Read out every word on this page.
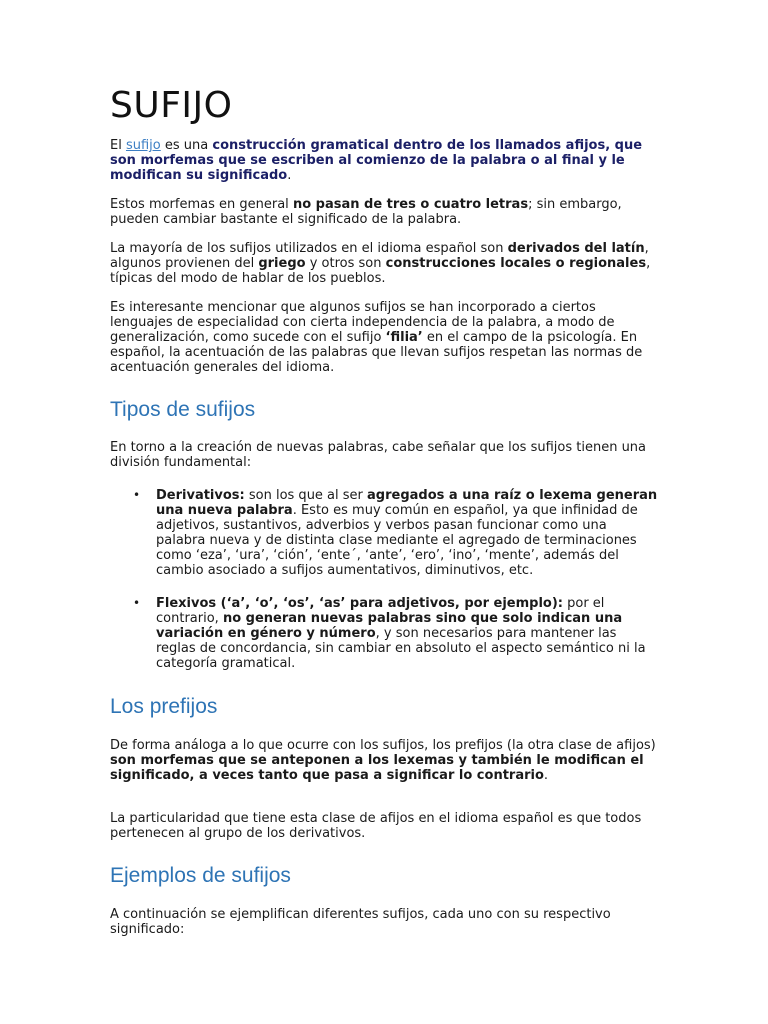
SUFIJO

El sufijo es una construcción gramatical dentro de los llamados afijos, que son morfemas que se escriben al comienzo de la palabra o al final y le modifican su significado.

Estos morfemas en general no pasan de tres o cuatro letras; sin embargo, pueden cambiar bastante el significado de la palabra.

La mayoría de los sufijos utilizados en el idioma español son derivados del latín, algunos provienen del griego y otros son construcciones locales o regionales, típicas del modo de hablar de los pueblos.

Es interesante mencionar que algunos sufijos se han incorporado a ciertos lenguajes de especialidad con cierta independencia de la palabra, a modo de generalización, como sucede con el sufijo ‘filia’ en el campo de la psicología. En español, la acentuación de las palabras que llevan sufijos respetan las normas de acentuación generales del idioma.

Tipos de sufijos

En torno a la creación de nuevas palabras, cabe señalar que los sufijos tienen una división fundamental:

• Derivativos: son los que al ser agregados a una raíz o lexema generan una nueva palabra. Esto es muy común en español, ya que infinidad de adjetivos, sustantivos, adverbios y verbos pasan funcionar como una palabra nueva y de distinta clase mediante el agregado de terminaciones como ‘eza’, ‘ura’, ‘ción’, ‘ente´, ‘ante’, ‘ero’, ‘ino’, ‘mente’, además del cambio asociado a sufijos aumentativos, diminutivos, etc.
• Flexivos (‘a’, ‘o’, ‘os’, ‘as’ para adjetivos, por ejemplo): por el contrario, no generan nuevas palabras sino que solo indican una variación en género y número, y son necesarios para mantener las reglas de concordancia, sin cambiar en absoluto el aspecto semántico ni la categoría gramatical.
Los prefijos

De forma análoga a lo que ocurre con los sufijos, los prefijos (la otra clase de afijos) son morfemas que se anteponen a los lexemas y también le modifican el significado, a veces tanto que pasa a significar lo contrario.

La particularidad que tiene esta clase de afijos en el idioma español es que todos pertenecen al grupo de los derivativos.

Ejemplos de sufijos

A continuación se ejemplifican diferentes sufijos, cada uno con su respectivo significado:
